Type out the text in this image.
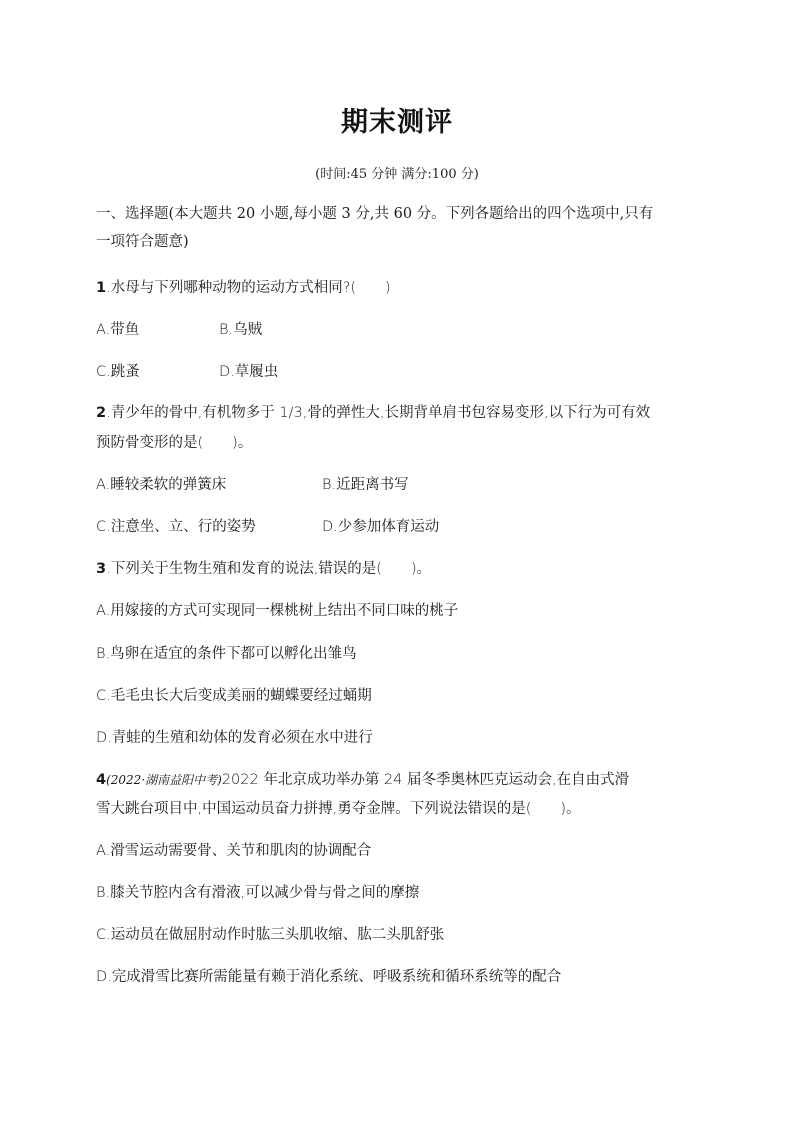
期末测评
(时间:45 分钟 满分:100 分)
一、选择题(本大题共 20 小题,每小题 3 分,共 60 分。下列各题给出的四个选项中,只有
一项符合题意)
1.水母与下列哪种动物的运动方式相同?(　　)
A.带鱼	B.乌贼
C.跳蚤	D.草履虫
2.青少年的骨中,有机物多于 1/3,骨的弹性大,长期背单肩书包容易变形,以下行为可有效
预防骨变形的是(　　)。
A.睡较柔软的弹簧床	B.近距离书写
C.注意坐、立、行的姿势	D.少参加体育运动
3.下列关于生物生殖和发育的说法,错误的是(　　)。
A.用嫁接的方式可实现同一棵桃树上结出不同口味的桃子
B.鸟卵在适宜的条件下都可以孵化出雏鸟
C.毛毛虫长大后变成美丽的蝴蝶要经过蛹期
D.青蛙的生殖和幼体的发育必须在水中进行
4(2022·湖南益阳中考)2022 年北京成功举办第 24 届冬季奥林匹克运动会,在自由式滑
雪大跳台项目中,中国运动员奋力拼搏,勇夺金牌。下列说法错误的是(　　)。
A.滑雪运动需要骨、关节和肌肉的协调配合
B.膝关节腔内含有滑液,可以减少骨与骨之间的摩擦
C.运动员在做屈肘动作时肱三头肌收缩、肱二头肌舒张
D.完成滑雪比赛所需能量有赖于消化系统、呼吸系统和循环系统等的配合
